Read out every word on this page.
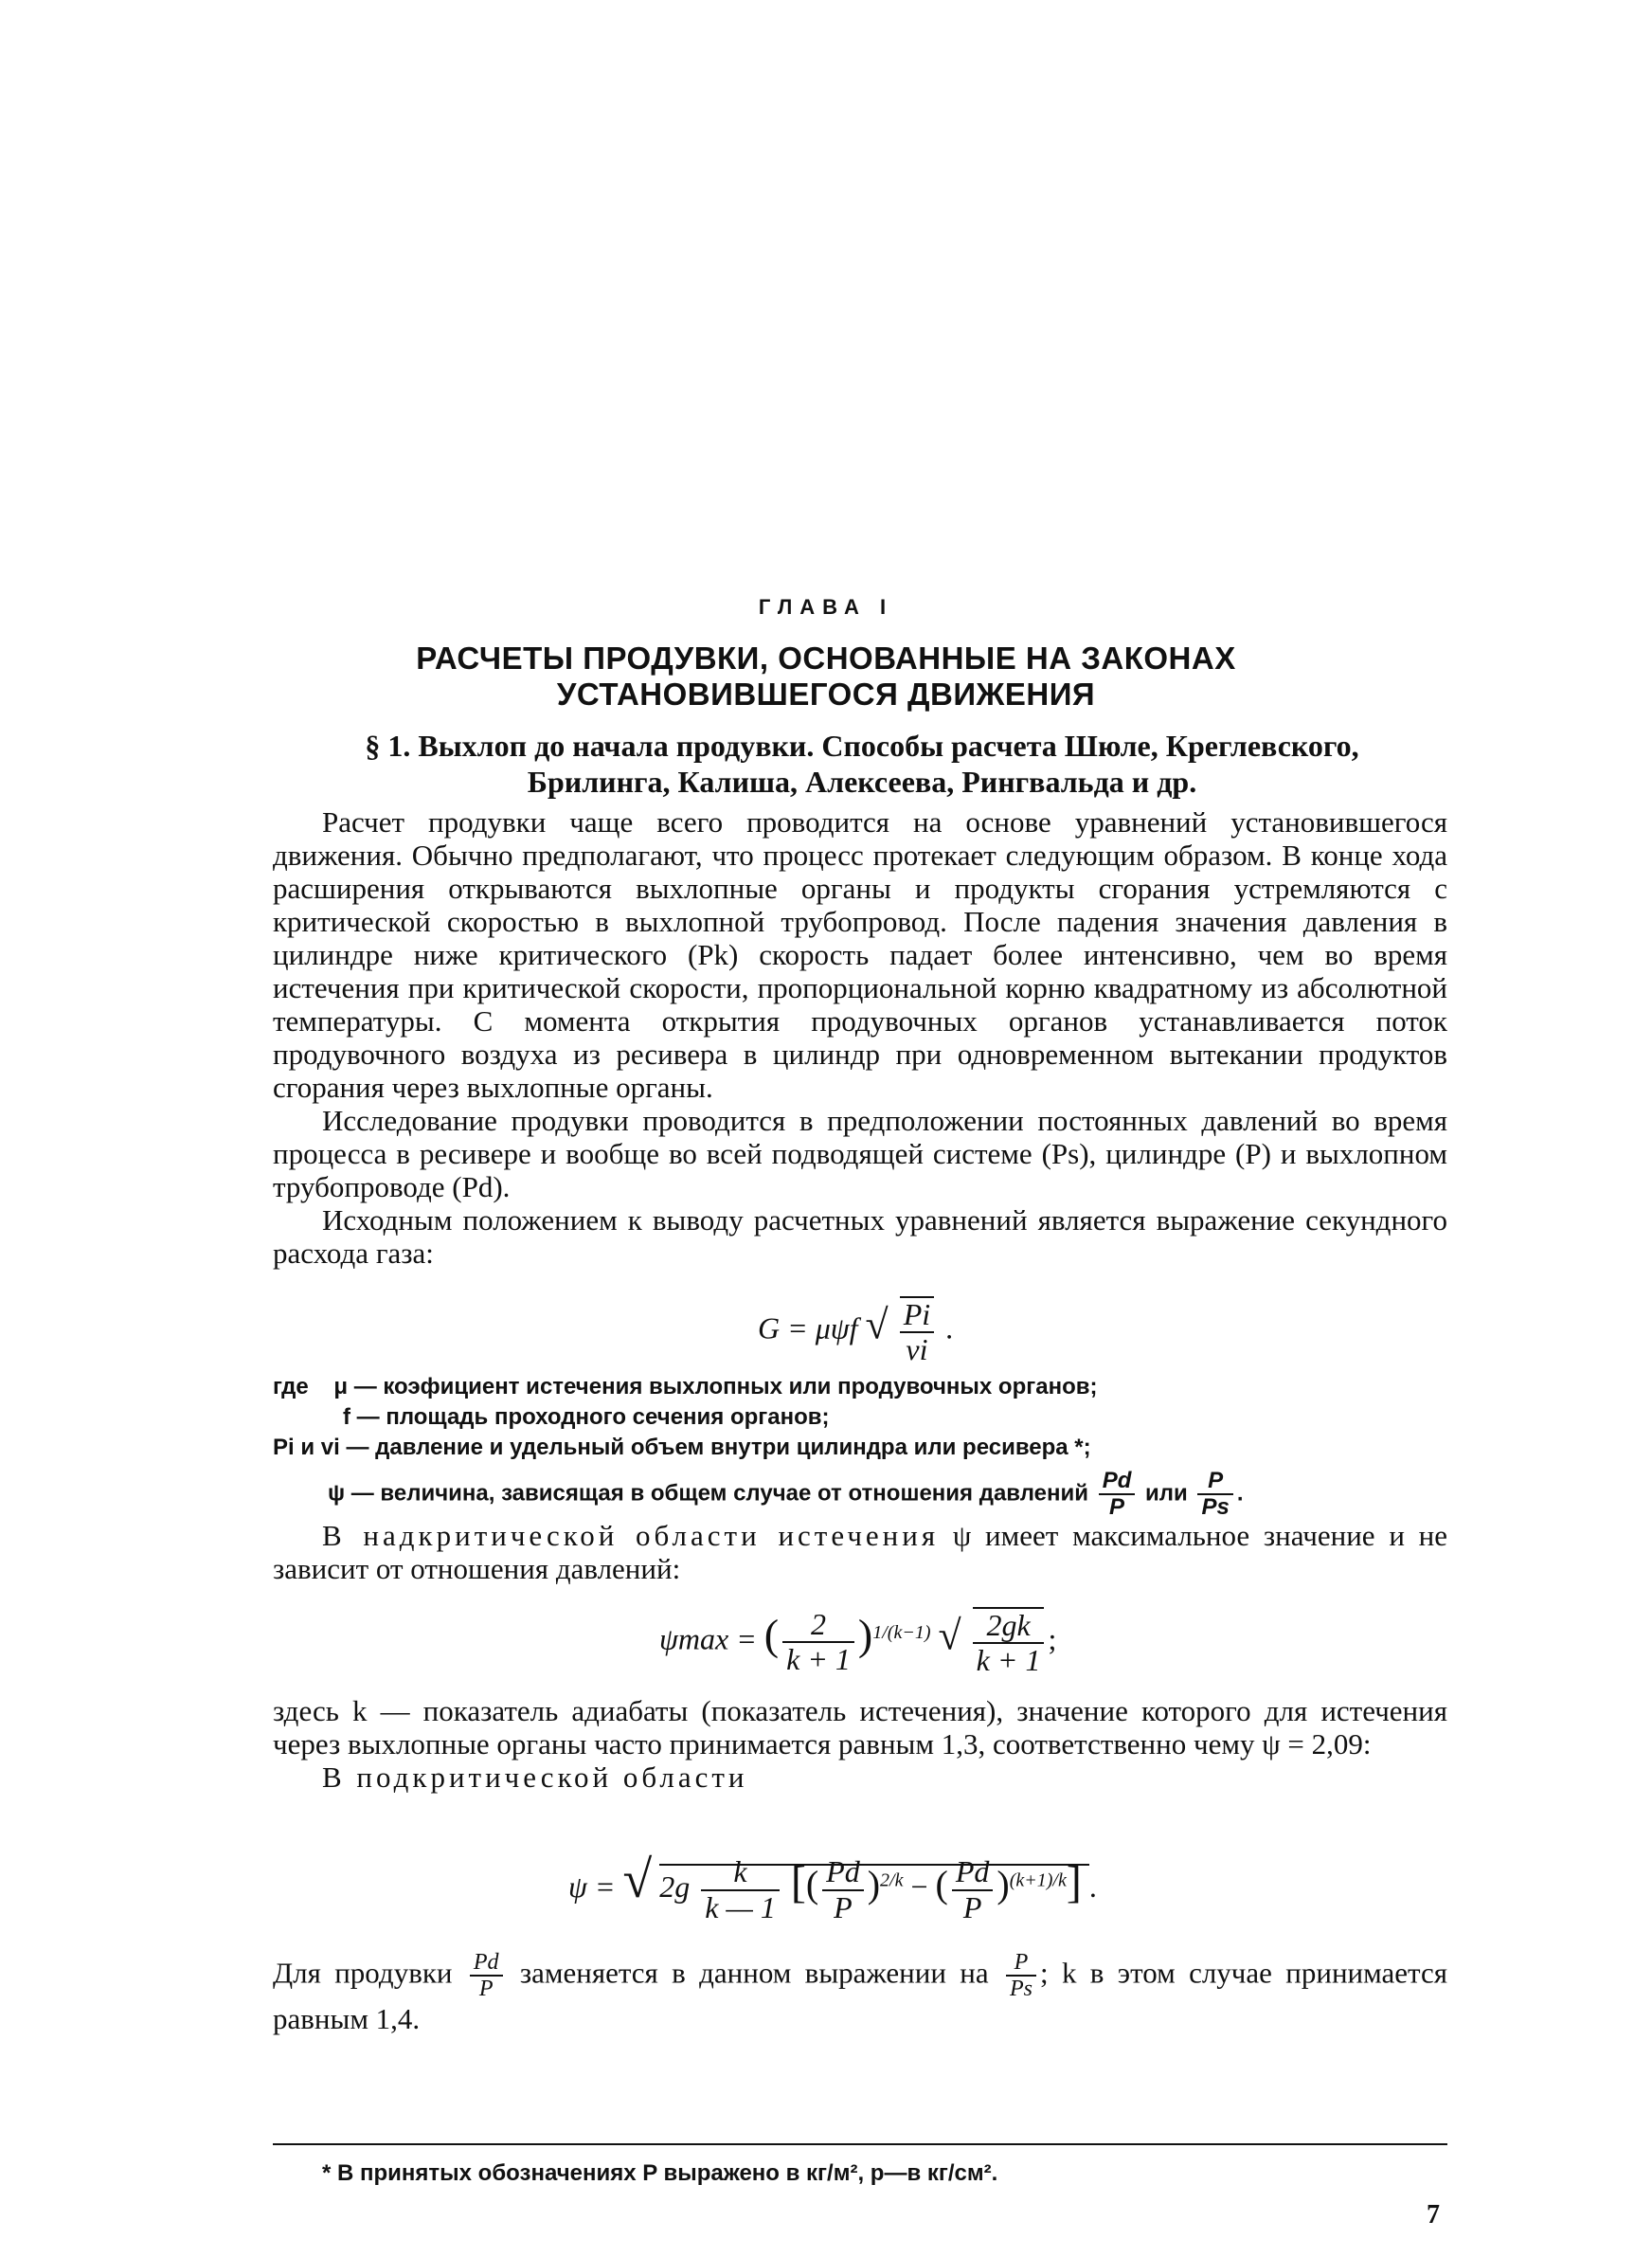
ГЛАВА I
РАСЧЕТЫ ПРОДУВКИ, ОСНОВАННЫЕ НА ЗАКОНАХ
УСТАНОВИВШЕГОСЯ ДВИЖЕНИЯ
§ 1. Выхлоп до начала продувки. Способы расчета Шюле, Креглевского,
Брилинга, Калиша, Алексеева, Рингвальда и др.

Расчет продувки чаще всего проводится на основе уравнений установившегося движения. Обычно предполагают, что процесс протекает следующим образом. В конце хода расширения открываются выхлопные органы и продукты сгорания устремляются с критической скоростью в выхлопной трубопровод. После падения значения давления в цилиндре ниже критического (Pk) скорость падает более интенсивно, чем во время истечения при критической скорости, пропорциональной корню квадратному из абсолютной температуры. С момента открытия продувочных органов устанавливается поток продувочного воздуха из ресивера в цилиндр при одновременном вытекании продуктов сгорания через выхлопные органы.

Исследование продувки проводится в предположении постоянных давлений во время процесса в ресивере и вообще во всей подводящей системе (Ps), цилиндре (P) и выхлопном трубопроводе (Pd).

Исходным положением к выводу расчетных уравнений является выражение секундного расхода газа:

G = μψf √ $\frac{Pi}{vi}$ .
где μ — коэфициент истечения выхлопных или продувочных органов;
f — площадь проходного сечения органов;
Pi и vi — давление и удельный объем внутри цилиндра или ресивера *;
ψ — величина, зависящая в общем случае от отношения давлений $\frac{Pd}{P}$ или $\frac{P}{Ps}$ .

В надкритической области истечения ψ имеет максимальное значение и не зависит от отношения давлений:

ψmax = ( $\frac{2}{k + 1} )^{1/(k-1)}$ √ $\frac{2gk}{k + 1}$ ;

здесь k — показатель адиабаты (показатель истечения), значение которого для истечения через выхлопные органы часто принимается равным 1,3, соответственно чему ψ = 2,09:

В подкритической области

ψ = √ $2g \frac{k}{k — 1}$ [( $\frac{Pd}{P} )^{2/k}$ − ( $\frac{Pd}{P} )^{(k+1)/k}$] .

Для продувки $\frac{Pd}{P}$ заменяется в данном выражении на $\frac{P}{Ps}$ ; k в этом случае принимается равным 1,4.

* В принятых обозначениях P выражено в кг/м², p—в кг/см².
7
